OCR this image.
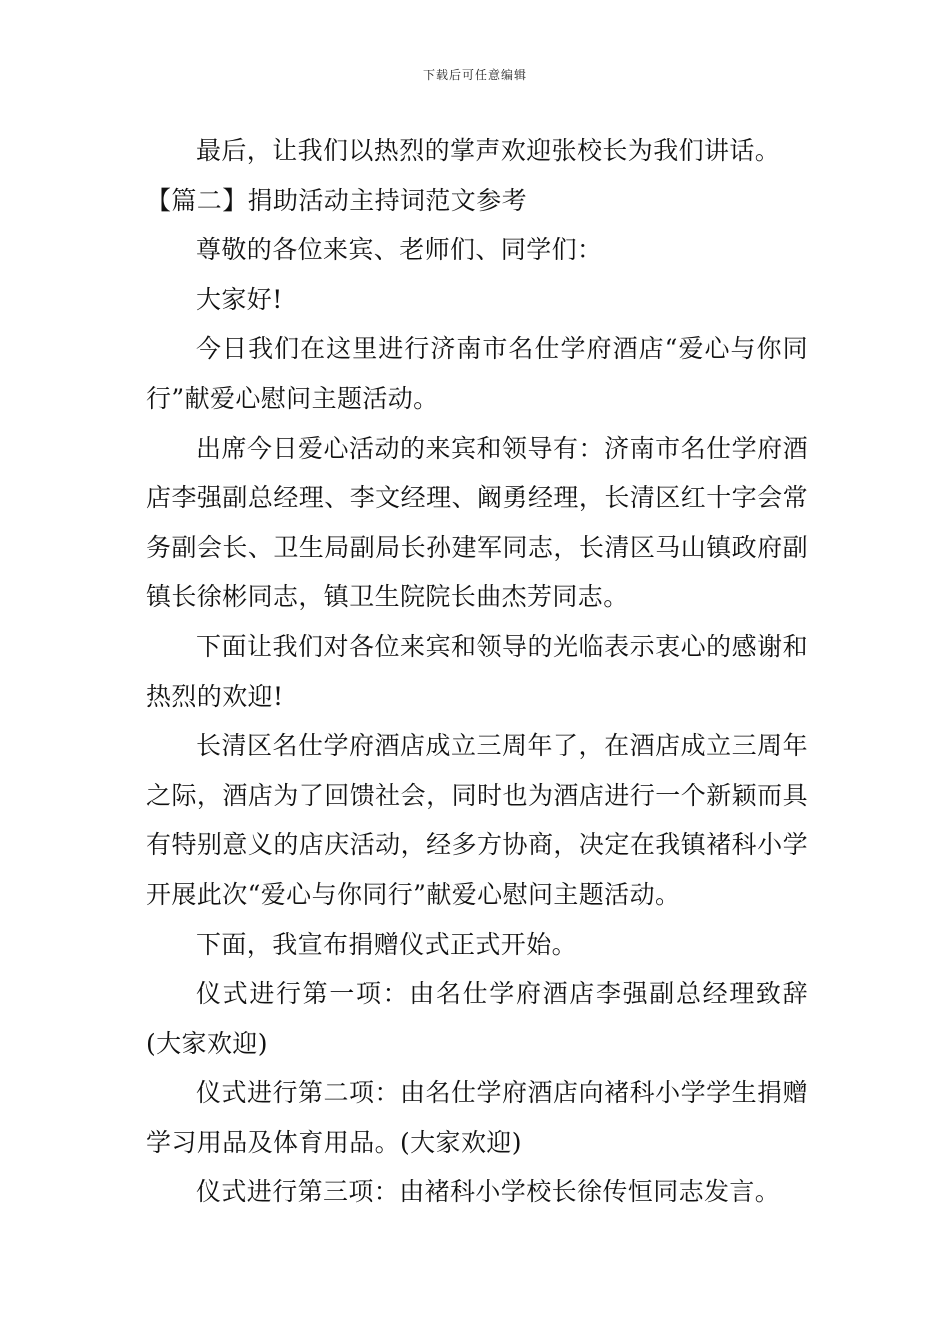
下载后可任意编辑

最后，让我们以热烈的掌声欢迎张校长为我们讲话。

【篇二】捐助活动主持词范文参考

尊敬的各位来宾、老师们、同学们：

大家好!

今日我们在这里进行济南市名仕学府酒店“爱心与你同行”献爱心慰问主题活动。

出席今日爱心活动的来宾和领导有：济南市名仕学府酒店李强副总经理、李文经理、阚勇经理，长清区红十字会常务副会长、卫生局副局长孙建军同志，长清区马山镇政府副镇长徐彬同志，镇卫生院院长曲杰芳同志。

下面让我们对各位来宾和领导的光临表示衷心的感谢和热烈的欢迎!

长清区名仕学府酒店成立三周年了，在酒店成立三周年之际，酒店为了回馈社会，同时也为酒店进行一个新颖而具有特别意义的店庆活动，经多方协商，决定在我镇褚科小学开展此次“爱心与你同行”献爱心慰问主题活动。

下面，我宣布捐赠仪式正式开始。

仪式进行第一项：由名仕学府酒店李强副总经理致辞(大家欢迎)

仪式进行第二项：由名仕学府酒店向褚科小学学生捐赠学习用品及体育用品。(大家欢迎)

仪式进行第三项：由褚科小学校长徐传恒同志发言。
